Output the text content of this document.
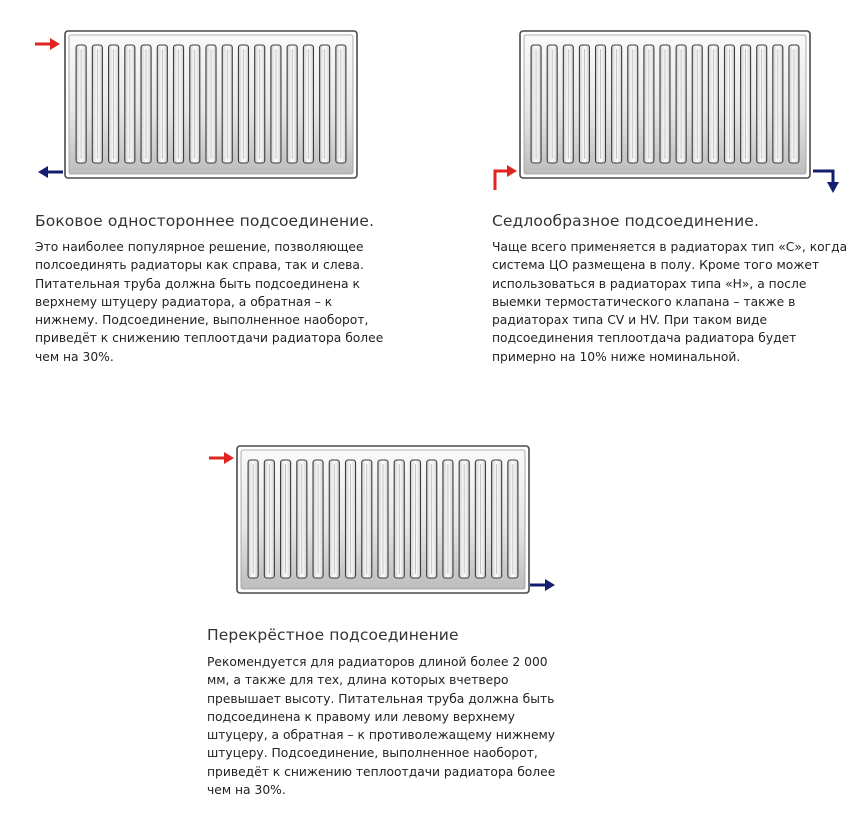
Боковое одностороннее подсоединение.
Это наиболее популярное решение, позволяющее
полсоединять радиаторы как справа, так и слева.
Питательная труба должна быть подсоединена к
верхнему штуцеру радиатора, а обратная – к
нижнему. Подсоединение, выполненное наоборот,
приведёт к снижению теплоотдачи радиатора более
чем на 30%.
Седлообразное подсоединение.
Чаще всего применяется в радиаторах тип «С», когда
система ЦО размещена в полу. Кроме того может
использоваться в радиаторах типа «H», а после
выемки термостатического клапана – также в
радиаторах типа CV и HV. При таком виде
подсоединения теплоотдача радиатора будет
примерно на 10% ниже номинальной.
Перекрёстное подсоединение
Рекомендуется для радиаторов длиной более 2 000
мм, а также для тех, длина которых вчетверо
превышает высоту. Питательная труба должна быть
подсоединена к правому или левому верхнему
штуцеру, а обратная – к противолежащему нижнему
штуцеру. Подсоединение, выполненное наоборот,
приведёт к снижению теплоотдачи радиатора более
чем на 30%.
